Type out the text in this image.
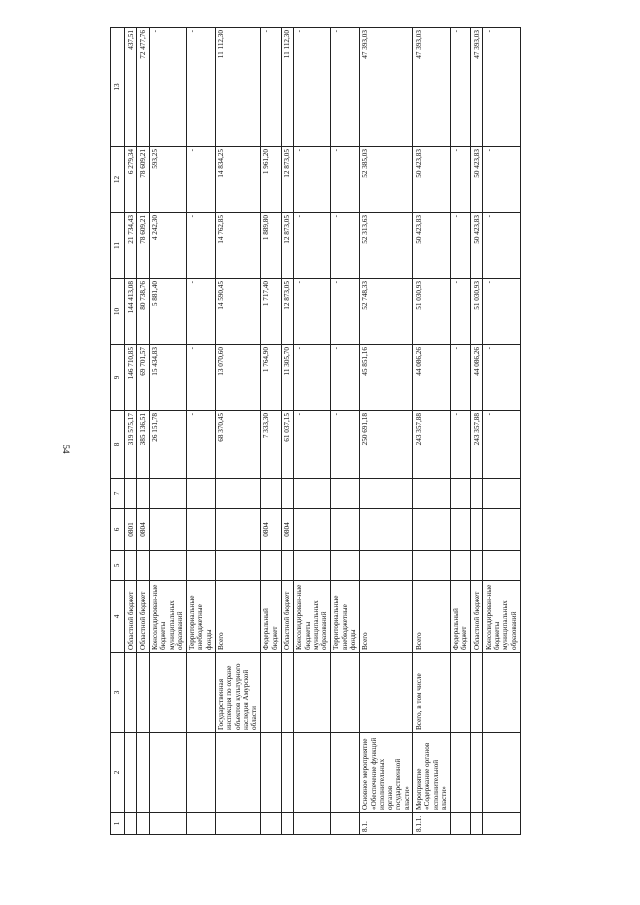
54
1	2	3	4	5	6	7	8	9	10	11	12	13
			Областной бюджет		0801		319 575,17	146 710,85	144 413,08	21 734,43	6 279,34	437,51
			Областной бюджет		0804		385 136,51	69 701,57	80 738,76	78 609,21	78 609,21	72 477,76
			Консолидирован-ные бюджеты муниципальных образований				26 151,78	15 434,83	5 881,40	4 242,30	593,25	-
			Территориальные внебюджетные фонды				-	-	-	-	-	-
		Государственная инспекция по охране объектов культурного наследия Амурской области	Всего				68 370,45	13 070,60	14 590,45	14 762,85	14 834,25	11 112,30
			Федеральный бюджет		0804		7 333,30	1 764,90	1 717,40	1 889,80	1 961,20	-
			Областной бюджет		0804		61 037,15	11 305,70	12 873,05	12 873,05	12 873,05	11 112,30
			Консолидирован-ные бюджеты муниципальных образований				-	-	-	-	-	-
			Территориальные внебюджетные фонды				-	-	-	-	-	-
8.1.	Основное мероприятие «Обеспечение функций исполнительных органов государственной власти»		Всего				250 691,18	45 851,16	52 748,33	52 313,63	52 385,03	47 393,03
8.1.1.	Мероприятие «Содержание органов исполнительной власти»	Всего, в том числе	Всего				243 357,88	44 086,26	51 030,93	50 423,83	50 423,83	47 393,03
			Федеральный бюджет				-	-	-	-	-	-
			Областной бюджет				243 357,88	44 086,26	51 030,93	50 423,83	50 423,83	47 393,03
			Консолидирован-ные бюджеты муниципальных образований				-	-	-	-	-	-
